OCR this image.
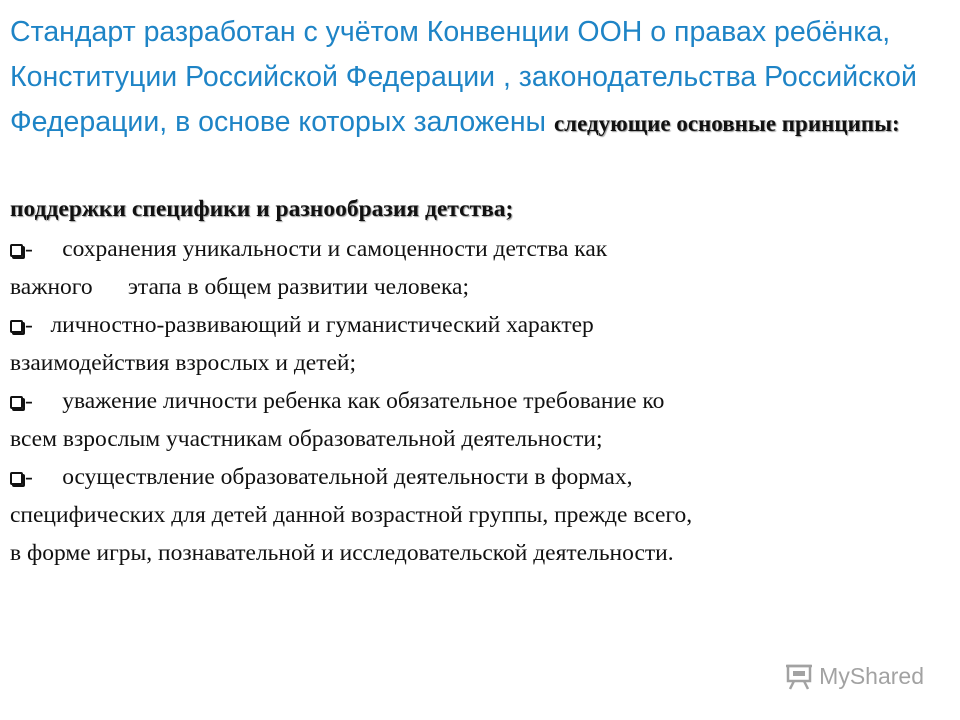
Стандарт разработан с учётом Конвенции ООН о правах ребёнка, Конституции Российской Федерации , законодательства Российской Федерации, в основе которых заложены следующие основные принципы:
поддержки специфики и разнообразия детства;
- сохранения уникальности и самоценности детства как
важного      этапа в общем развитии человека;
- личностно-развивающий и гуманистический характер
взаимодействия взрослых и детей;
- уважение личности ребенка как обязательное требование ко
всем взрослым участникам образовательной деятельности;
- осуществление образовательной деятельности в формах,
специфических для детей данной возрастной группы, прежде всего,
в форме игры, познавательной и исследовательской деятельности.
MyShared
